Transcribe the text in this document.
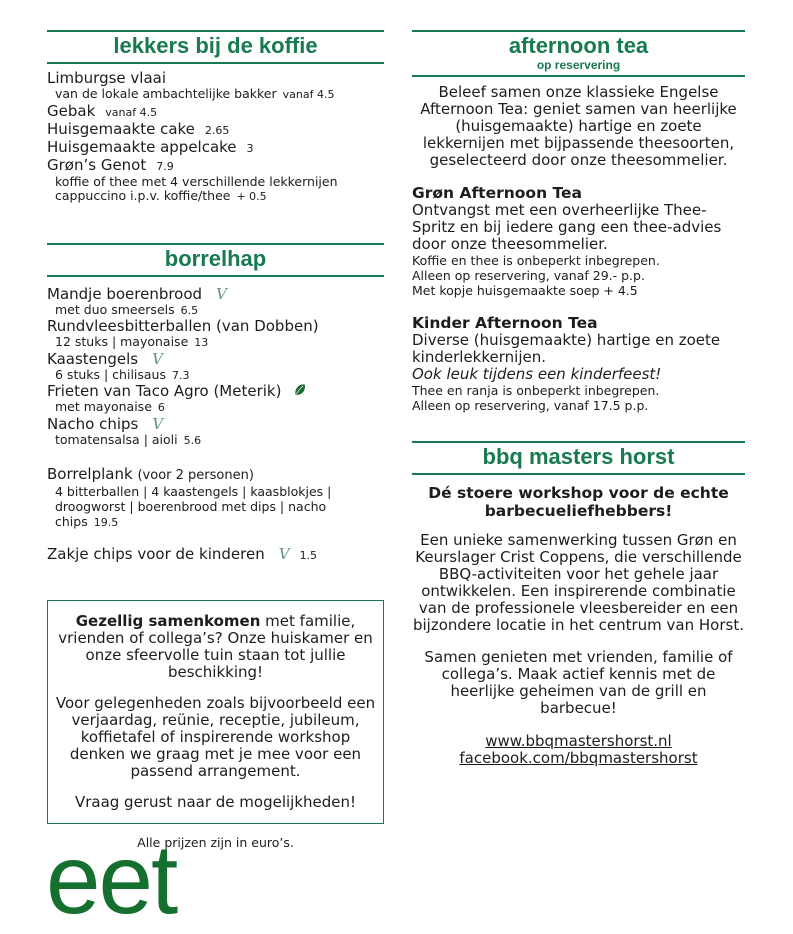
lekkers bij de koffie
Limburgse vlaai
van de lokale ambachtelijke bakker vanaf 4.5
Gebak vanaf 4.5
Huisgemaakte cake 2.65
Huisgemaakte appelcake 3
Grøn’s Genot 7.9
koffie of thee met 4 verschillende lekkernijen
cappuccino i.p.v. koffie/thee + 0.5
borrelhap
Mandje boerenbrood V
met duo smeersels 6.5
Rundvleesbitterballen (van Dobben)
12 stuks | mayonaise 13
Kaastengels V
6 stuks | chilisaus 7.3
Frieten van Taco Agro (Meterik)
met mayonaise 6
Nacho chips V
tomatensalsa | aioli 5.6
Borrelplank (voor 2 personen)
4 bitterballen | 4 kaastengels | kaasblokjes |
droogworst | boerenbrood met dips | nacho chips 19.5
Zakje chips voor de kinderen V 1.5

Gezellig samenkomen met familie, vrienden of collega’s? Onze huiskamer en onze sfeervolle tuin staan tot jullie beschikking!

Voor gelegenheden zoals bijvoorbeeld een verjaardag, reünie, receptie, jubileum, koffietafel of inspirerende workshop denken we graag met je mee voor een passend arrangement.

Vraag gerust naar de mogelijkheden!

Alle prijzen zijn in euro’s.
afternoon tea
op reservering

Beleef samen onze klassieke Engelse Afternoon Tea: geniet samen van heerlijke (huisgemaakte) hartige en zoete lekkernijen met bijpassende theesoorten, geselecteerd door onze theesommelier.

Grøn Afternoon Tea

Ontvangst met een overheerlijke Thee-Spritz en bij iedere gang een thee-advies door onze theesommelier.

Koffie en thee is onbeperkt inbegrepen.

Alleen op reservering, vanaf 29.- p.p.

Met kopje huisgemaakte soep + 4.5

Kinder Afternoon Tea

Diverse (huisgemaakte) hartige en zoete kinderlekkernijen.

Ook leuk tijdens een kinderfeest!

Thee en ranja is onbeperkt inbegrepen.

Alleen op reservering, vanaf 17.5 p.p.

bbq masters horst

Dé stoere workshop voor de echte barbecueliefhebbers!

Een unieke samenwerking tussen Grøn en Keurslager Crist Coppens, die verschillende BBQ-activiteiten voor het gehele jaar ontwikkelen. Een inspirerende combinatie van de professionele vleesbereider en een bijzondere locatie in het centrum van Horst.

Samen genieten met vrienden, familie of collega’s. Maak actief kennis met de heerlijke geheimen van de grill en barbecue!

www.bbqmastershorst.nl
facebook.com/bbqmastershorst
eet
